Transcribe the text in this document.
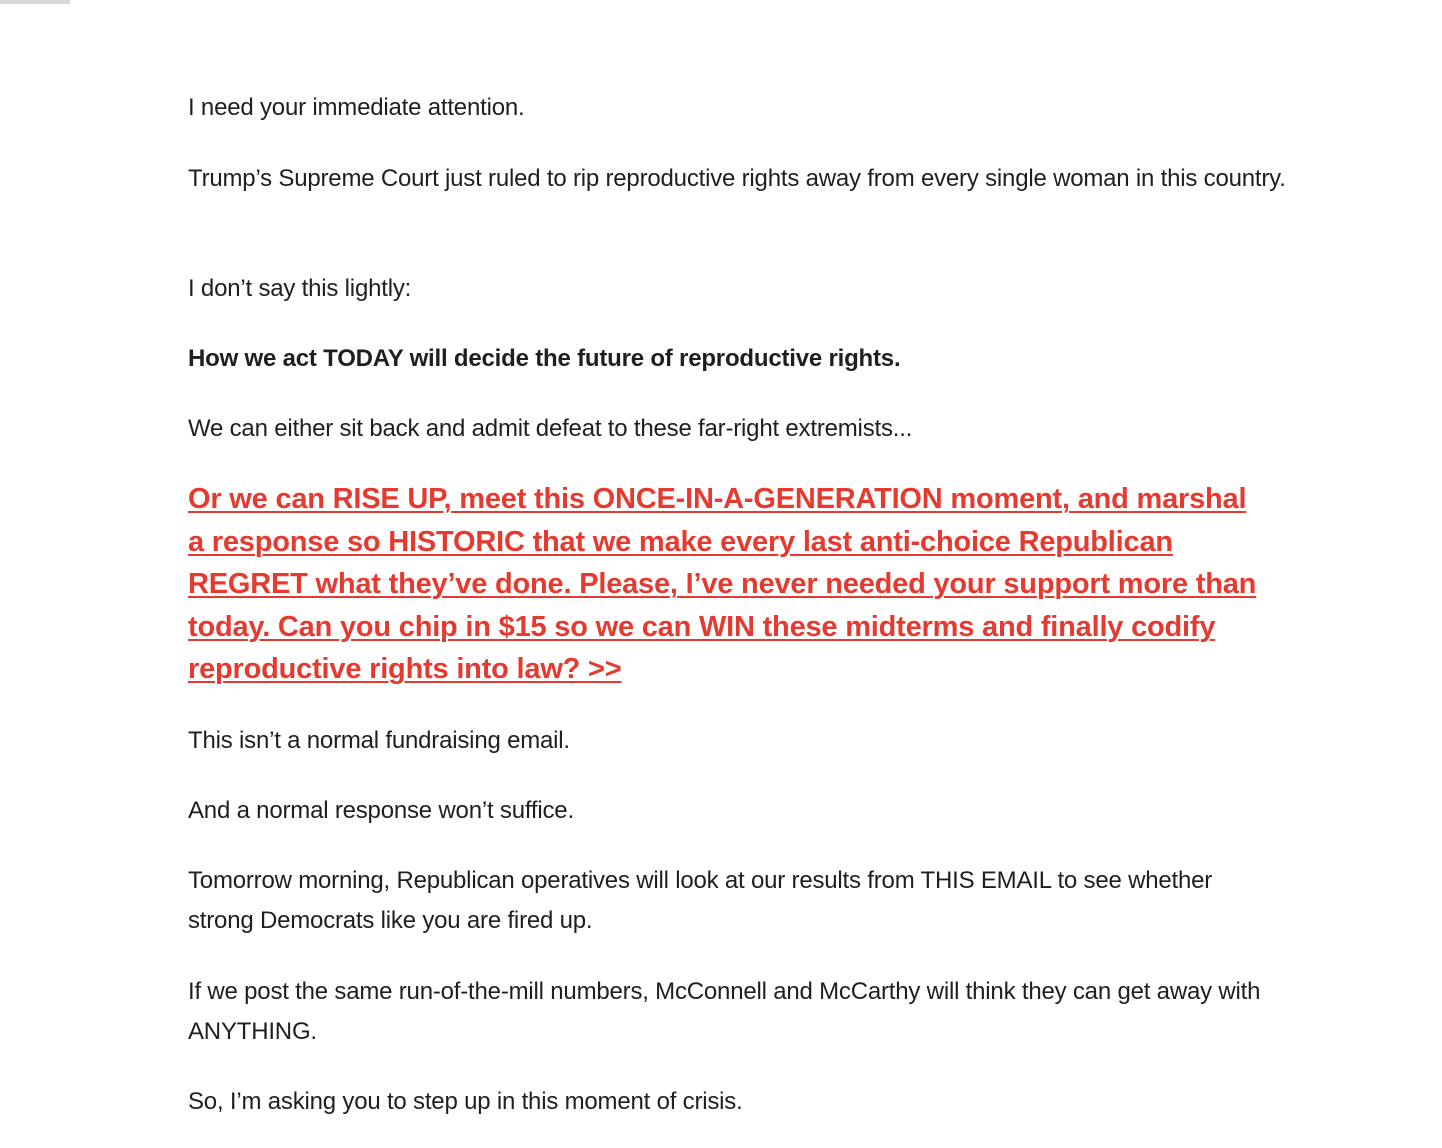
I need your immediate attention.

Trump’s Supreme Court just ruled to rip reproductive rights away from every single woman in this country.

I don’t say this lightly:

How we act TODAY will decide the future of reproductive rights.

We can either sit back and admit defeat to these far-right extremists...

Or we can RISE UP, meet this ONCE-IN-A-GENERATION moment, and marshal a response so HISTORIC that we make every last anti-choice Republican REGRET what they’ve done. Please, I’ve never needed your support more than today. Can you chip in $15 so we can WIN these midterms and finally codify reproductive rights into law? >>

This isn’t a normal fundraising email.

And a normal response won’t suffice.

Tomorrow morning, Republican operatives will look at our results from THIS EMAIL to see whether strong Democrats like you are fired up.

If we post the same run-of-the-mill numbers, McConnell and McCarthy will think they can get away with ANYTHING.

So, I’m asking you to step up in this moment of crisis.
